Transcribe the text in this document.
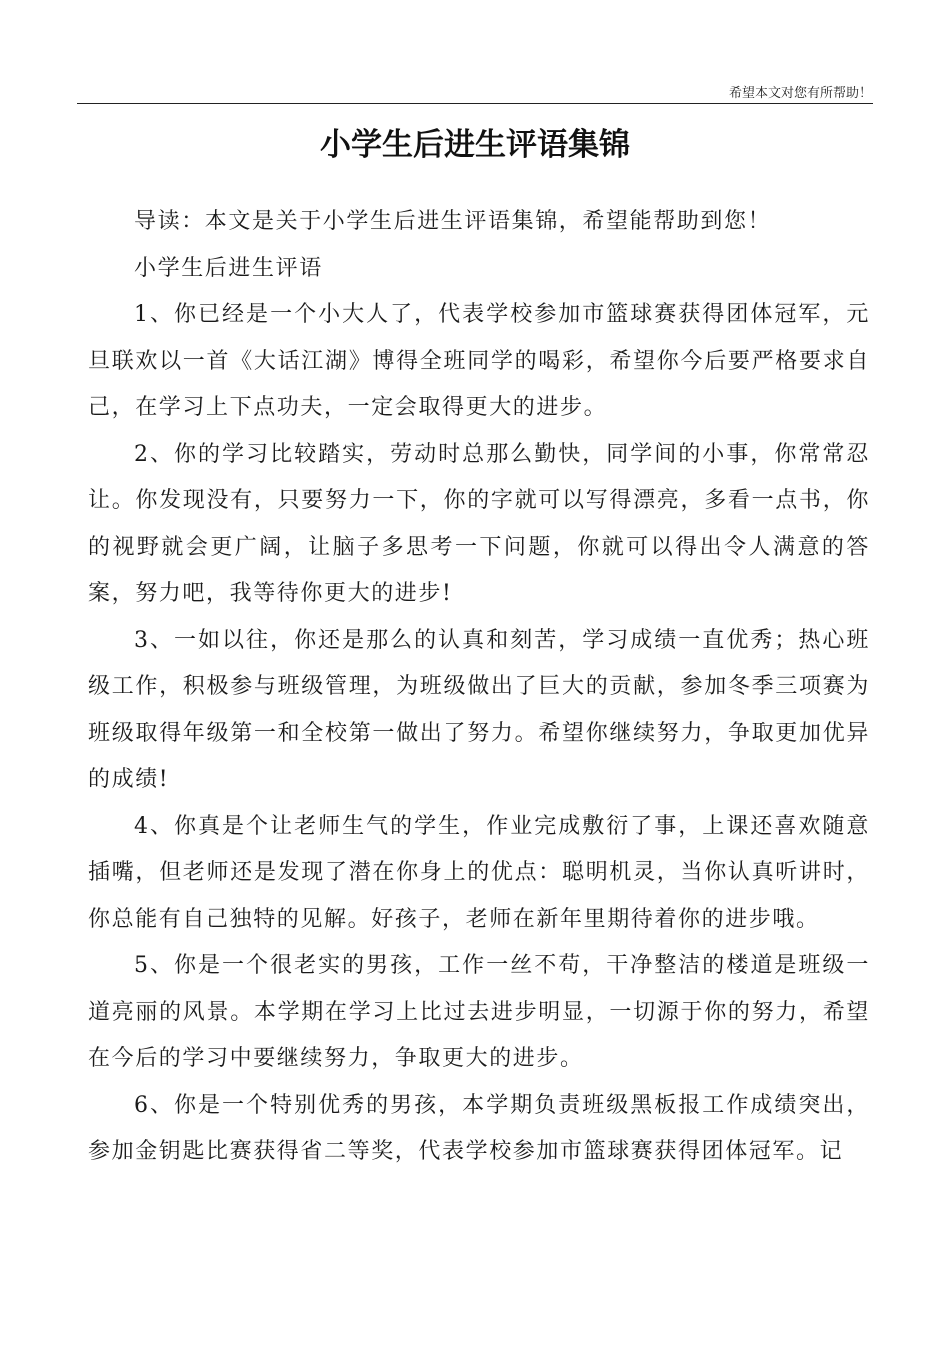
希望本文对您有所帮助！
小学生后进生评语集锦

导读：本文是关于小学生后进生评语集锦，希望能帮助到您！

小学生后进生评语

1、你已经是一个小大人了，代表学校参加市篮球赛获得团体冠军，元旦联欢以一首《大话江湖》博得全班同学的喝彩，希望你今后要严格要求自己，在学习上下点功夫，一定会取得更大的进步。

2、你的学习比较踏实，劳动时总那么勤快，同学间的小事，你常常忍让。你发现没有，只要努力一下，你的字就可以写得漂亮，多看一点书，你的视野就会更广阔，让脑子多思考一下问题，你就可以得出令人满意的答案，努力吧，我等待你更大的进步!

3、一如以往，你还是那么的认真和刻苦，学习成绩一直优秀；热心班级工作，积极参与班级管理，为班级做出了巨大的贡献，参加冬季三项赛为班级取得年级第一和全校第一做出了努力。希望你继续努力，争取更加优异的成绩!

4、你真是个让老师生气的学生，作业完成敷衍了事，上课还喜欢随意插嘴，但老师还是发现了潜在你身上的优点：聪明机灵，当你认真听讲时，你总能有自己独特的见解。好孩子，老师在新年里期待着你的进步哦。

5、你是一个很老实的男孩，工作一丝不苟，干净整洁的楼道是班级一道亮丽的风景。本学期在学习上比过去进步明显，一切源于你的努力，希望在今后的学习中要继续努力，争取更大的进步。

6、你是一个特别优秀的男孩，本学期负责班级黑板报工作成绩突出，参加金钥匙比赛获得省二等奖，代表学校参加市篮球赛获得团体冠军。记
